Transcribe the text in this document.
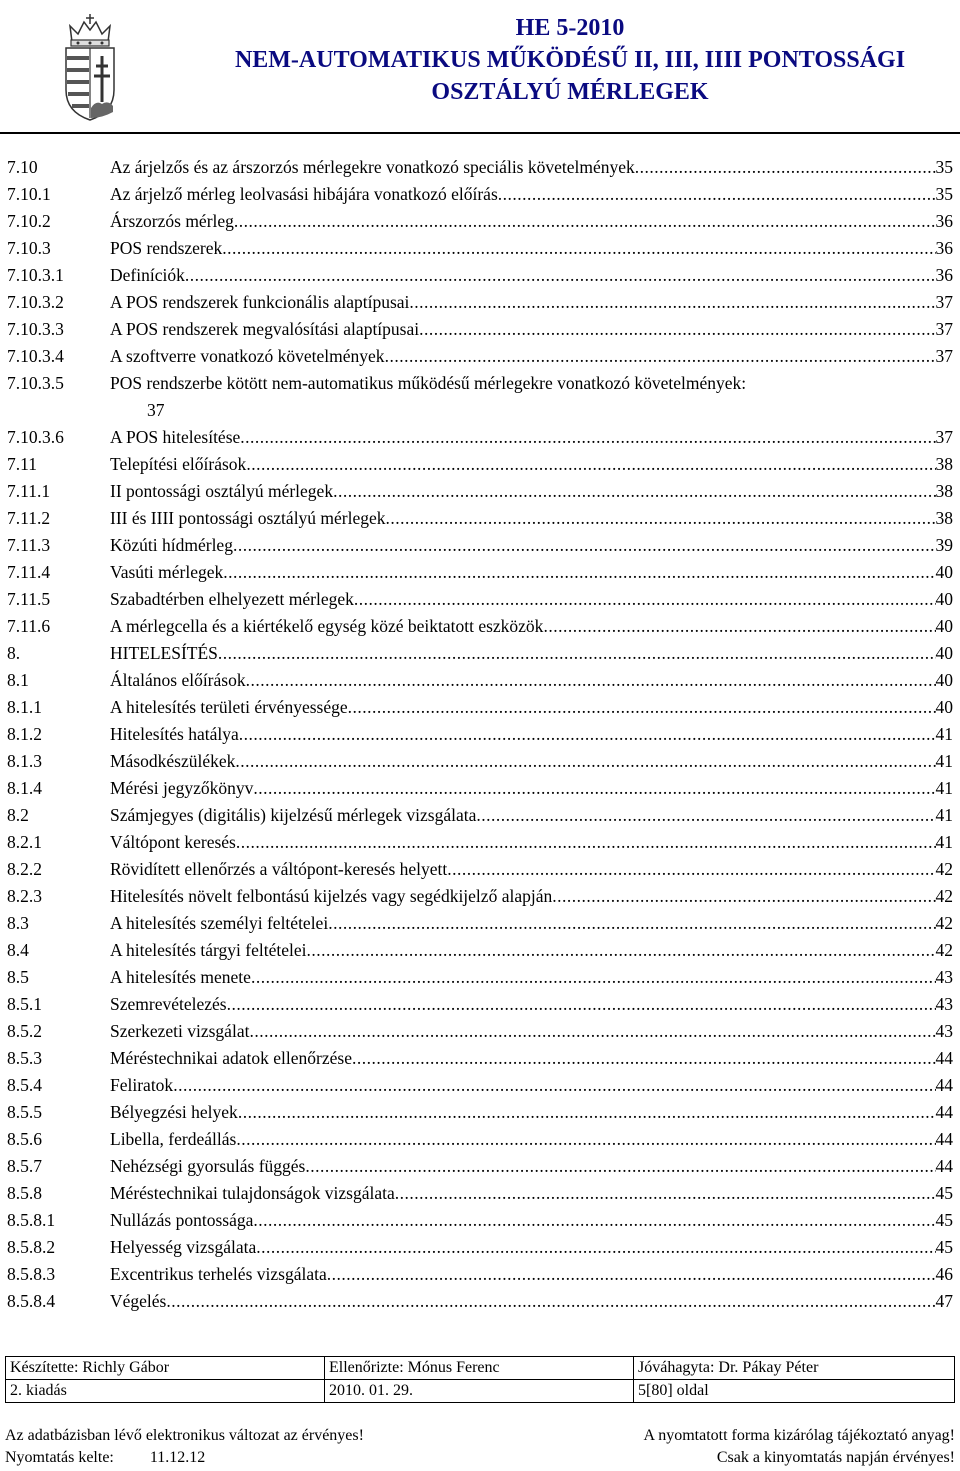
HE 5-2010
NEM-AUTOMATIKUS MŰKÖDÉSŰ II, III, IIII PONTOSSÁGI
OSZTÁLYÚ MÉRLEGEK
7.10	Az árjelzős és az árszorzós mérlegekre vonatkozó speciális követelmények .....	35
7.10.1	Az árjelző mérleg leolvasási hibájára vonatkozó előírás .....	35
7.10.2	Árszorzós mérleg .....	36
7.10.3	POS rendszerek .....	36
7.10.3.1	Definíciók .....	36
7.10.3.2	A POS rendszerek funkcionális alaptípusai .....	37
7.10.3.3	A POS rendszerek megvalósítási alaptípusai .....	37
7.10.3.4	A szoftverre vonatkozó követelmények .....	37
7.10.3.5	POS rendszerbe kötött nem-automatikus működésű mérlegekre vonatkozó követelmények:
37
7.10.3.6	A POS hitelesítése .....	37
7.11	Telepítési előírások .....	38
7.11.1	II pontossági osztályú mérlegek .....	38
7.11.2	III és IIII pontossági osztályú mérlegek .....	38
7.11.3	Közúti hídmérleg .....	39
7.11.4	Vasúti mérlegek .....	40
7.11.5	Szabadtérben elhelyezett mérlegek .....	40
7.11.6	A mérlegcella és a kiértékelő egység közé beiktatott eszközök .....	40
8.	HITELESÍTÉS .....	40
8.1	Általános előírások .....	40
8.1.1	A hitelesítés területi érvényessége .....	40
8.1.2	Hitelesítés hatálya .....	41
8.1.3	Másodkészülékek .....	41
8.1.4	Mérési jegyzőkönyv .....	41
8.2	Számjegyes (digitális) kijelzésű mérlegek vizsgálata .....	41
8.2.1	Váltópont keresés .....	41
8.2.2	Rövidített ellenőrzés a váltópont-keresés helyett .....	42
8.2.3	Hitelesítés növelt felbontású kijelzés vagy segédkijelző alapján .....	42
8.3	A hitelesítés személyi feltételei .....	42
8.4	A hitelesítés tárgyi feltételei .....	42
8.5	A hitelesítés menete .....	43
8.5.1	Szemrevételezés .....	43
8.5.2	Szerkezeti vizsgálat .....	43
8.5.3	Méréstechnikai adatok ellenőrzése .....	44
8.5.4	Feliratok .....	44
8.5.5	Bélyegzési helyek .....	44
8.5.6	Libella, ferdeállás .....	44
8.5.7	Nehézségi gyorsulás függés .....	44
8.5.8	Méréstechnikai tulajdonságok vizsgálata .....	45
8.5.8.1	Nullázás pontossága .....	45
8.5.8.2	Helyesség vizsgálata .....	45
8.5.8.3	Excentrikus terhelés vizsgálata .....	46
8.5.8.4	Végelés .....	47
Készítette: Richly Gábor	Ellenőrizte: Mónus Ferenc	Jóváhagyta: Dr. Pákay Péter
2. kiadás	2010. 01. 29.	5[80] oldal
Az adatbázisban lévő elektronikus változat az érvényes!	A nyomtatott forma kizárólag tájékoztató anyag!
Nyomtatás kelte: 11.12.12	Csak a kinyomtatás napján érvényes!
